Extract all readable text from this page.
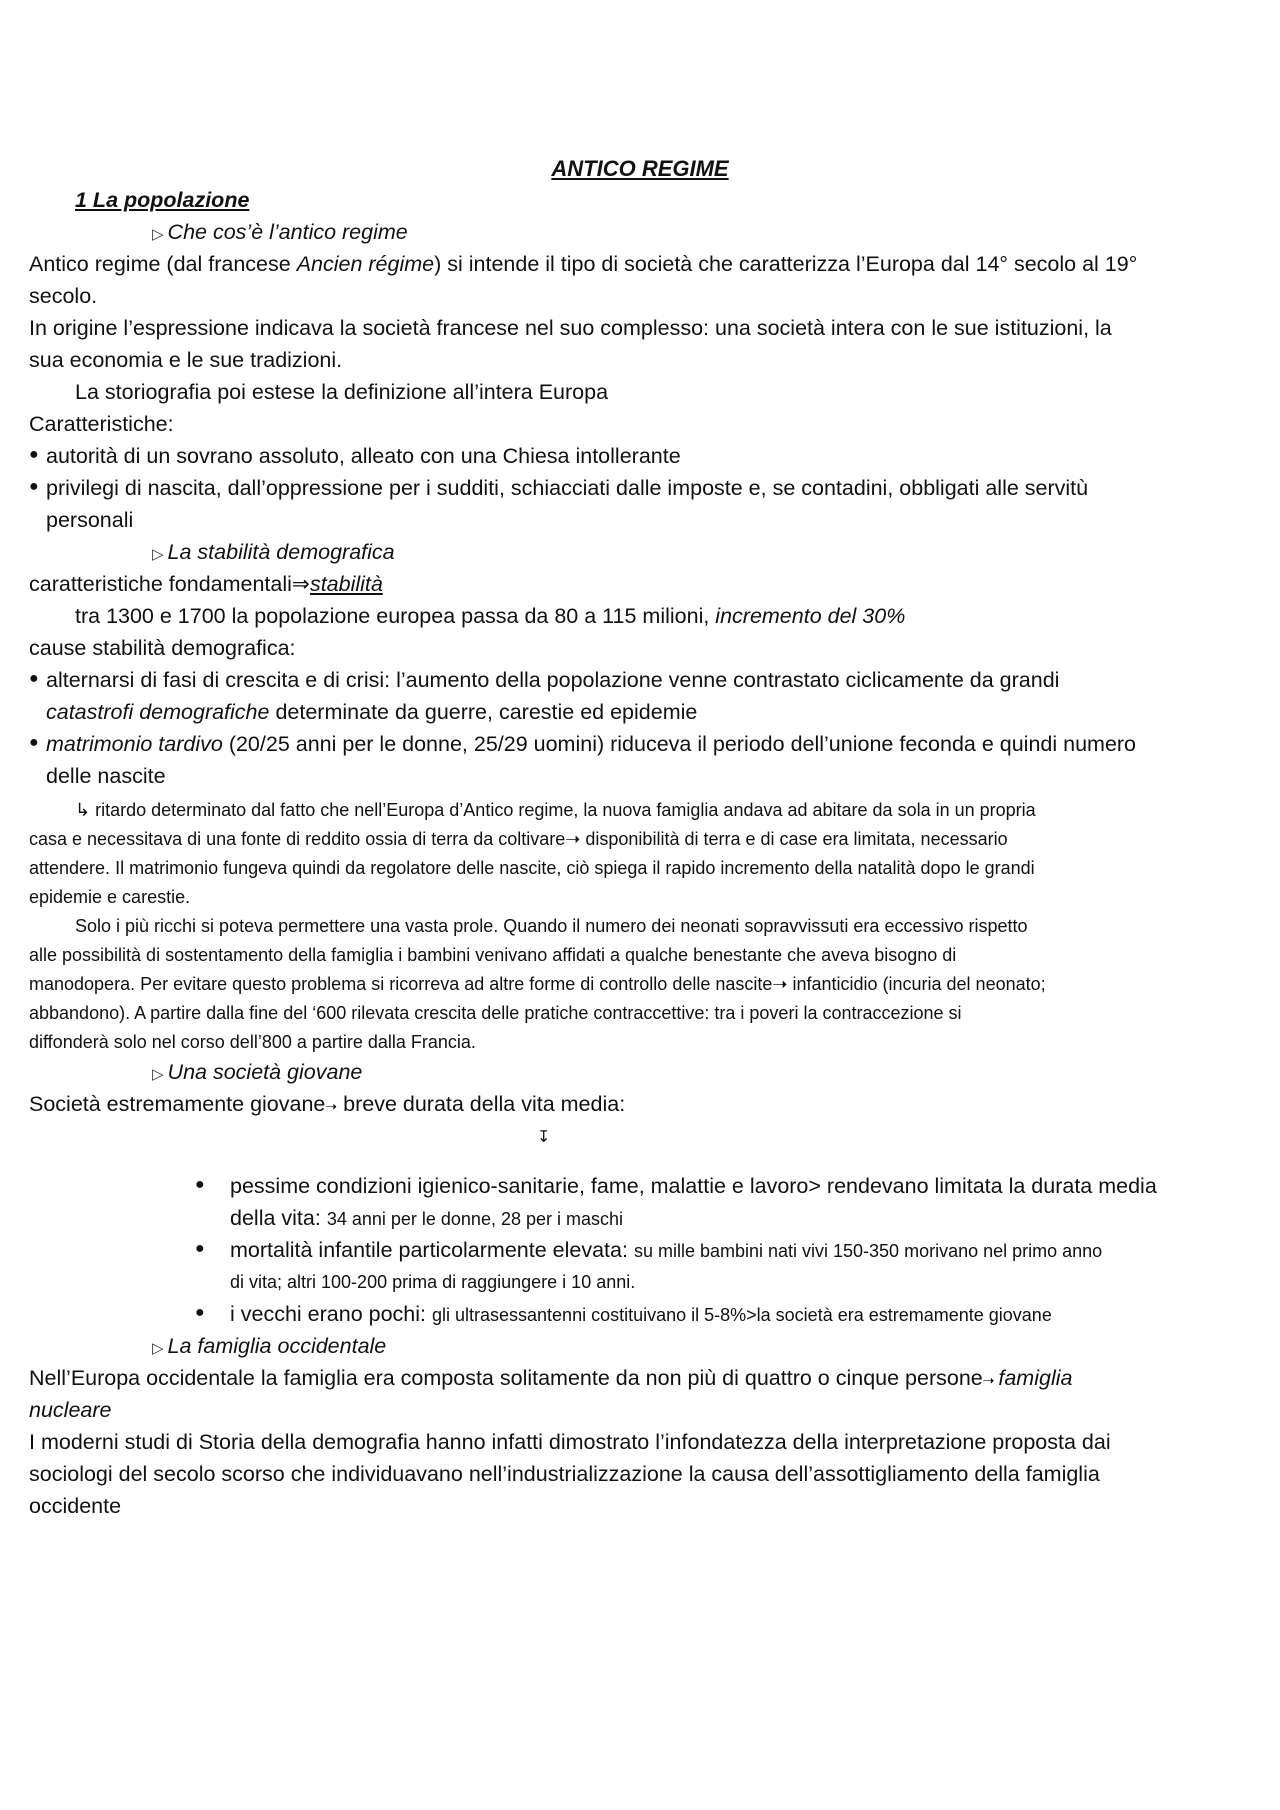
ANTICO REGIME
1 La popolazione
▷ Che cos’è l’antico regime
Antico regime (dal francese Ancien régime) si intende il tipo di società che caratterizza l’Europa dal 14° secolo al 19°
secolo.
In origine l’espressione indicava la società francese nel suo complesso: una società intera con le sue istituzioni, la
sua economia e le sue tradizioni.
La storiografia poi estese la definizione all’intera Europa
Caratteristiche:
autorità di un sovrano assoluto, alleato con una Chiesa intollerante
●
privilegi di nascita, dall’oppressione per i sudditi, schiacciati dalle imposte e, se contadini, obbligati alle servitù
●
personali
▷ La stabilità demografica
caratteristiche fondamentali⇒stabilità
tra 1300 e 1700 la popolazione europea passa da 80 a 115 milioni, incremento del 30%
cause stabilità demografica:
alternarsi di fasi di crescita e di crisi: l’aumento della popolazione venne contrastato ciclicamente da grandi
●
catastrofi demografiche determinate da guerre, carestie ed epidemie
matrimonio tardivo (20/25 anni per le donne, 25/29 uomini) riduceva il periodo dell’unione feconda e quindi numero
●
delle nascite
↳ ritardo determinato dal fatto che nell’Europa d’Antico regime, la nuova famiglia andava ad abitare da sola in un propria
casa e necessitava di una fonte di reddito ossia di terra da coltivare➝ disponibilità di terra e di case era limitata, necessario
attendere. Il matrimonio fungeva quindi da regolatore delle nascite, ciò spiega il rapido incremento della natalità dopo le grandi
epidemie e carestie.
Solo i più ricchi si poteva permettere una vasta prole. Quando il numero dei neonati sopravvissuti era eccessivo rispetto
alle possibilità di sostentamento della famiglia i bambini venivano affidati a qualche benestante che aveva bisogno di
manodopera. Per evitare questo problema si ricorreva ad altre forme di controllo delle nascite➝ infanticidio (incuria del neonato;
abbandono). A partire dalla fine del ‘600 rilevata crescita delle pratiche contraccettive: tra i poveri la contraccezione si
diffonderà solo nel corso dell’800 a partire dalla Francia.
▷ Una società giovane
Società estremamente giovane➝ breve durata della vita media:
↧
● pessime condizioni igienico-sanitarie, fame, malattie e lavoro> rendevano limitata la durata media
della vita: 34 anni per le donne, 28 per i maschi
● mortalità infantile particolarmente elevata: su mille bambini nati vivi 150-350 morivano nel primo anno
di vita; altri 100-200 prima di raggiungere i 10 anni.
● i vecchi erano pochi: gli ultrasessantenni costituivano il 5-8%>la società era estremamente giovane
▷ La famiglia occidentale
Nell’Europa occidentale la famiglia era composta solitamente da non più di quattro o cinque persone➝ famiglia
nucleare
I moderni studi di Storia della demografia hanno infatti dimostrato l’infondatezza della interpretazione proposta dai
sociologi del secolo scorso che individuavano nell’industrializzazione la causa dell’assottigliamento della famiglia
occidente
